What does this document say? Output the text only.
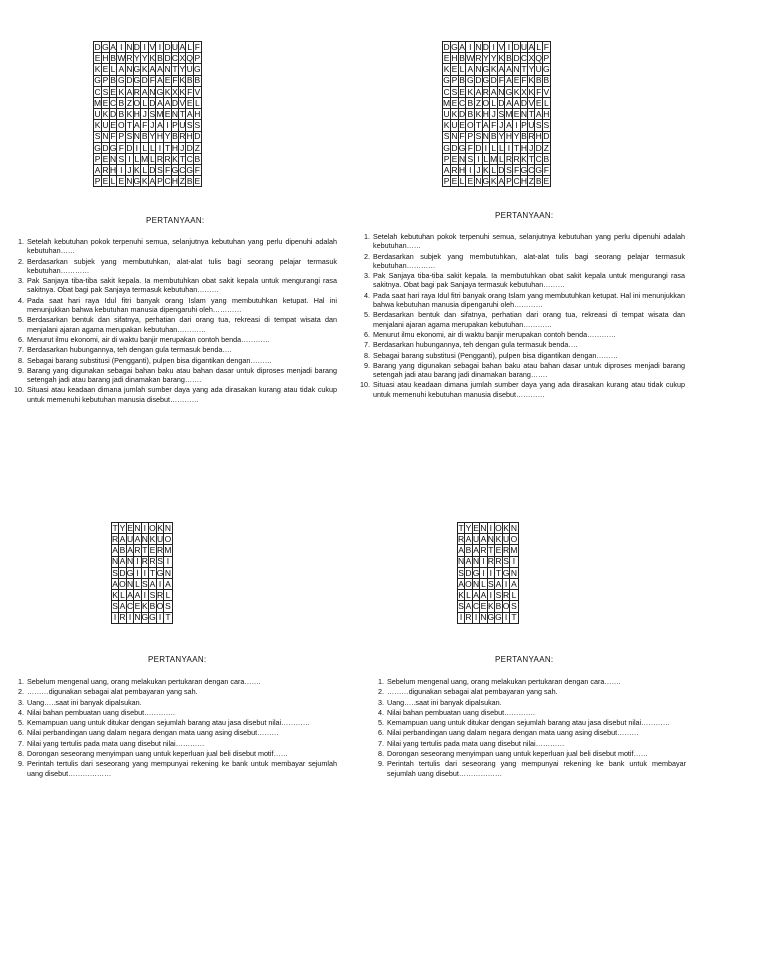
D	G	A	I	N	D	I	V	I	D	U	A	L	F
E	H	B	W	R	Y	Y	K	B	D	C	X	Q	P
K	E	L	A	N	G	K	A	A	N	T	Y	U	G
G	P	B	G	D	G	D	F	A	E	F	K	B	B
C	S	E	K	A	R	A	N	G	K	X	K	F	V
M	E	C	B	Z	O	L	D	A	A	D	V	E	L
U	K	D	B	K	H	J	S	M	E	N	T	A	H
K	U	E	O	T	A	F	J	A	I	P	U	S	S
S	N	F	P	S	N	B	Y	H	Y	B	R	H	D
G	D	G	F	D	I	L	L	I	T	H	J	D	Z
P	E	N	S	I	L	M	L	R	R	K	T	C	B
A	R	H	I	J	K	L	D	S	F	G	C	G	F
P	E	L	E	N	G	K	A	P	C	H	Z	B	E

PERTANYAAN:

1. Setelah kebutuhan pokok terpenuhi semua, selanjutnya kebutuhan yang perlu dipenuhi adalah kebutuhan……
2. Berdasarkan subjek yang membutuhkan, alat-alat tulis bagi seorang pelajar termasuk kebutuhan…………
3. Pak Sanjaya tiba-tiba sakit kepala. Ia membutuhkan obat sakit kepala untuk mengurangi rasa sakitnya. Obat bagi pak Sanjaya termasuk kebutuhan………
4. Pada saat hari raya Idul fitri banyak orang Islam yang membutuhkan ketupat. Hal ini menunjukkan bahwa kebutuhan manusia dipengaruhi oleh…………
5. Berdasarkan bentuk dan sifatnya, perhatian dari orang tua, rekreasi di tempat wisata dan menjalani ajaran agama merupakan kebutuhan…………
6. Menurut ilmu ekonomi, air di waktu banjir merupakan contoh benda…………
7. Berdasarkan hubungannya, teh dengan gula termasuk benda….
8. Sebagai barang substitusi (Pengganti), pulpen bisa digantikan dengan………
9. Barang yang digunakan sebagai bahan baku atau bahan dasar untuk diproses menjadi barang setengah jadi atau barang jadi dinamakan barang…….
10. Situasi atau keadaan dimana jumlah sumber daya yang ada dirasakan kurang atau tidak cukup untuk memenuhi kebutuhan manusia disebut…………
D	G	A	I	N	D	I	V	I	D	U	A	L	F
E	H	B	W	R	Y	Y	K	B	D	C	X	Q	P
K	E	L	A	N	G	K	A	A	N	T	Y	U	G
G	P	B	G	D	G	D	F	A	E	F	K	B	B
C	S	E	K	A	R	A	N	G	K	X	K	F	V
M	E	C	B	Z	O	L	D	A	A	D	V	E	L
U	K	D	B	K	H	J	S	M	E	N	T	A	H
K	U	E	O	T	A	F	J	A	I	P	U	S	S
S	N	F	P	S	N	B	Y	H	Y	B	R	H	D
G	D	G	F	D	I	L	L	I	T	H	J	D	Z
P	E	N	S	I	L	M	L	R	R	K	T	C	B
A	R	H	I	J	K	L	D	S	F	G	C	G	F
P	E	L	E	N	G	K	A	P	C	H	Z	B	E

PERTANYAAN:

1. Setelah kebutuhan pokok terpenuhi semua, selanjutnya kebutuhan yang perlu dipenuhi adalah kebutuhan……
2. Berdasarkan subjek yang membutuhkan, alat-alat tulis bagi seorang pelajar termasuk kebutuhan…………
3. Pak Sanjaya tiba-tiba sakit kepala. Ia membutuhkan obat sakit kepala untuk mengurangi rasa sakitnya. Obat bagi pak Sanjaya termasuk kebutuhan………
4. Pada saat hari raya Idul fitri banyak orang Islam yang membutuhkan ketupat. Hal ini menunjukkan bahwa kebutuhan manusia dipengaruhi oleh…………
5. Berdasarkan bentuk dan sifatnya, perhatian dari orang tua, rekreasi di tempat wisata dan menjalani ajaran agama merupakan kebutuhan…………
6. Menurut ilmu ekonomi, air di waktu banjir merupakan contoh benda…………
7. Berdasarkan hubungannya, teh dengan gula termasuk benda….
8. Sebagai barang substitusi (Pengganti), pulpen bisa digantikan dengan………
9. Barang yang digunakan sebagai bahan baku atau bahan dasar untuk diproses menjadi barang setengah jadi atau barang jadi dinamakan barang…….
10. Situasi atau keadaan dimana jumlah sumber daya yang ada dirasakan kurang atau tidak cukup untuk memenuhi kebutuhan manusia disebut…………
T	Y	E	N	I	O	K	N
R	A	U	A	N	K	U	O
A	B	A	R	T	E	R	M
N	A	N	I	R	R	S	I
S	D	G	I	I	T	G	N
A	O	N	L	S	A	I	A
K	L	A	A	I	S	R	L
S	A	C	E	K	B	O	S
I	R	I	N	G	G	I	T

PERTANYAAN:

1. Sebelum mengenal uang, orang melakukan pertukaran dengan cara…….
2. ………digunakan sebagai alat pembayaran yang sah.
3. Uang…..saat ini banyak dipalsukan.
4. Nilai bahan pembuatan uang disebut………….
5. Kemampuan uang untuk ditukar dengan sejumlah barang atau jasa disebut nilai…………
6. Nilai perbandingan uang dalam negara dengan mata uang asing disebut………
7. Nilai yang tertulis pada mata uang disebut nilai…………
8. Dorongan seseorang menyimpan uang untuk keperluan jual beli disebut motif……
9. Perintah tertulis dari seseorang yang mempunyai rekening ke bank untuk membayar sejumlah uang disebut………………
T	Y	E	N	I	O	K	N
R	A	U	A	N	K	U	O
A	B	A	R	T	E	R	M
N	A	N	I	R	R	S	I
S	D	G	I	I	T	G	N
A	O	N	L	S	A	I	A
K	L	A	A	I	S	R	L
S	A	C	E	K	B	O	S
I	R	I	N	G	G	I	T

PERTANYAAN:

1. Sebelum mengenal uang, orang melakukan pertukaran dengan cara…….
2. ………digunakan sebagai alat pembayaran yang sah.
3. Uang…..saat ini banyak dipalsukan.
4. Nilai bahan pembuatan uang disebut………….
5. Kemampuan uang untuk ditukar dengan sejumlah barang atau jasa disebut nilai…………
6. Nilai perbandingan uang dalam negara dengan mata uang asing disebut………
7. Nilai yang tertulis pada mata uang disebut nilai…………
8. Dorongan seseorang menyimpan uang untuk keperluan jual beli disebut motif……
9. Perintah tertulis dari seseorang yang mempunyai rekening ke bank untuk membayar sejumlah uang disebut………………
